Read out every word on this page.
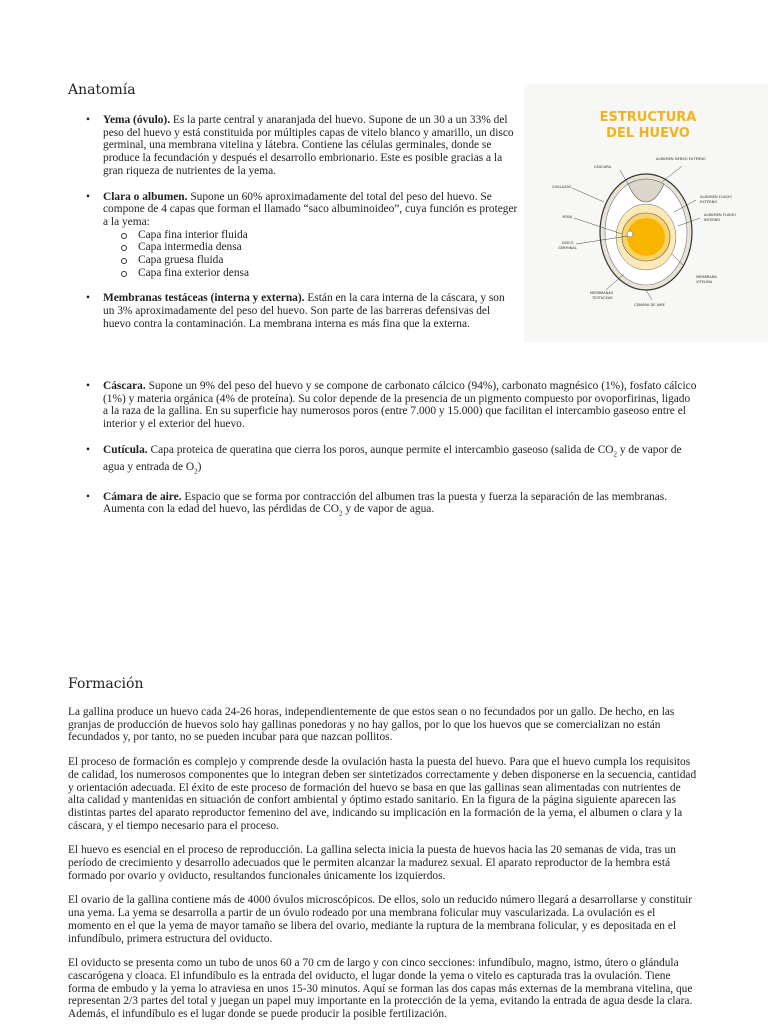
Anatomía
• Yema (óvulo). Es la parte central y anaranjada del huevo. Supone de un 30 a un 33% del peso del huevo y está constituida por múltiples capas de vitelo blanco y amarillo, un disco germinal, una membrana vitelina y látebra. Contiene las células germinales, donde se produce la fecundación y después el desarrollo embrionario. Este es posible gracias a la gran riqueza de nutrientes de la yema.
• Clara o albumen. Supone un 60% aproximadamente del total del peso del huevo. Se compone de 4 capas que forman el llamado “saco albuminoideo”, cuya función es proteger a la yema:
Capa fina interior fluida
Capa intermedia densa
Capa gruesa fluida
Capa fina exterior densa
• Membranas testáceas (interna y externa). Están en la cara interna de la cáscara, y son un 3% aproximadamente del peso del huevo. Son parte de las barreras defensivas del huevo contra la contaminación. La membrana interna es más fina que la externa.
ESTRUCTURA
DEL HUEVO
CÁSCARA
ALBÚMEN DENSO EXTERNO
CHALAZAS
ALBÚMEN FLUIDO
EXTERNO
ALBÚMEN FLUIDO
INTERNO
YEMA
DISCO
GERMINAL
MEMBRANA
VITELINA
MEMBRANAS
TESTÁCEAS
CÁMARA DE AIRE
• Cáscara. Supone un 9% del peso del huevo y se compone de carbonato cálcico (94%), carbonato magnésico (1%), fosfato cálcico (1%) y materia orgánica (4% de proteína). Su color depende de la presencia de un pigmento compuesto por ovoporfirinas, ligado a la raza de la gallina. En su superficie hay numerosos poros (entre 7.000 y 15.000) que facilitan el intercambio gaseoso entre el interior y el exterior del huevo.
• Cutícula. Capa proteica de queratina que cierra los poros, aunque permite el intercambio gaseoso (salida de $CO_2$ y de vapor de agua y entrada de $O_2$)
• Cámara de aire. Espacio que se forma por contracción del albumen tras la puesta y fuerza la separación de las membranas. Aumenta con la edad del huevo, las pérdidas de $CO_2$ y de vapor de agua.
Formación

La gallina produce un huevo cada 24-26 horas, independientemente de que estos sean o no fecundados por un gallo. De hecho, en las granjas de producción de huevos solo hay gallinas ponedoras y no hay gallos, por lo que los huevos que se comercializan no están fecundados y, por tanto, no se pueden incubar para que nazcan pollitos.

El proceso de formación es complejo y comprende desde la ovulación hasta la puesta del huevo. Para que el huevo cumpla los requisitos de calidad, los numerosos componentes que lo integran deben ser sintetizados correctamente y deben disponerse en la secuencia, cantidad y orientación adecuada. El éxito de este proceso de formación del huevo se basa en que las gallinas sean alimentadas con nutrientes de alta calidad y mantenidas en situación de confort ambiental y óptimo estado sanitario. En la figura de la página siguiente aparecen las distintas partes del aparato reproductor femenino del ave, indicando su implicación en la formación de la yema, el albumen o clara y la cáscara, y el tiempo necesario para el proceso.

El huevo es esencial en el proceso de reproducción. La gallina selecta inicia la puesta de huevos hacia las 20 semanas de vida, tras un período de crecimiento y desarrollo adecuados que le permiten alcanzar la madurez sexual. El aparato reproductor de la hembra está formado por ovario y oviducto, resultandos funcionales únicamente los izquierdos.

El ovario de la gallina contiene más de 4000 óvulos microscópicos. De ellos, solo un reducido número llegará a desarrollarse y constituir una yema. La yema se desarrolla a partir de un óvulo rodeado por una membrana folicular muy vascularizada. La ovulación es el momento en el que la yema de mayor tamaño se libera del ovario, mediante la ruptura de la membrana folicular, y es depositada en el infundíbulo, primera estructura del oviducto.

El oviducto se presenta como un tubo de unos 60 a 70 cm de largo y con cinco secciones: infundíbulo, magno, istmo, útero o glándula cascarógena y cloaca. El infundíbulo es la entrada del oviducto, el lugar donde la yema o vitelo es capturada tras la ovulación. Tiene forma de embudo y la yema lo atraviesa en unos 15-30 minutos. Aquí se forman las dos capas más externas de la membrana vitelina, que representan 2/3 partes del total y juegan un papel muy importante en la protección de la yema, evitando la entrada de agua desde la clara. Además, el infundíbulo es el lugar donde se puede producir la posible fertilización.
